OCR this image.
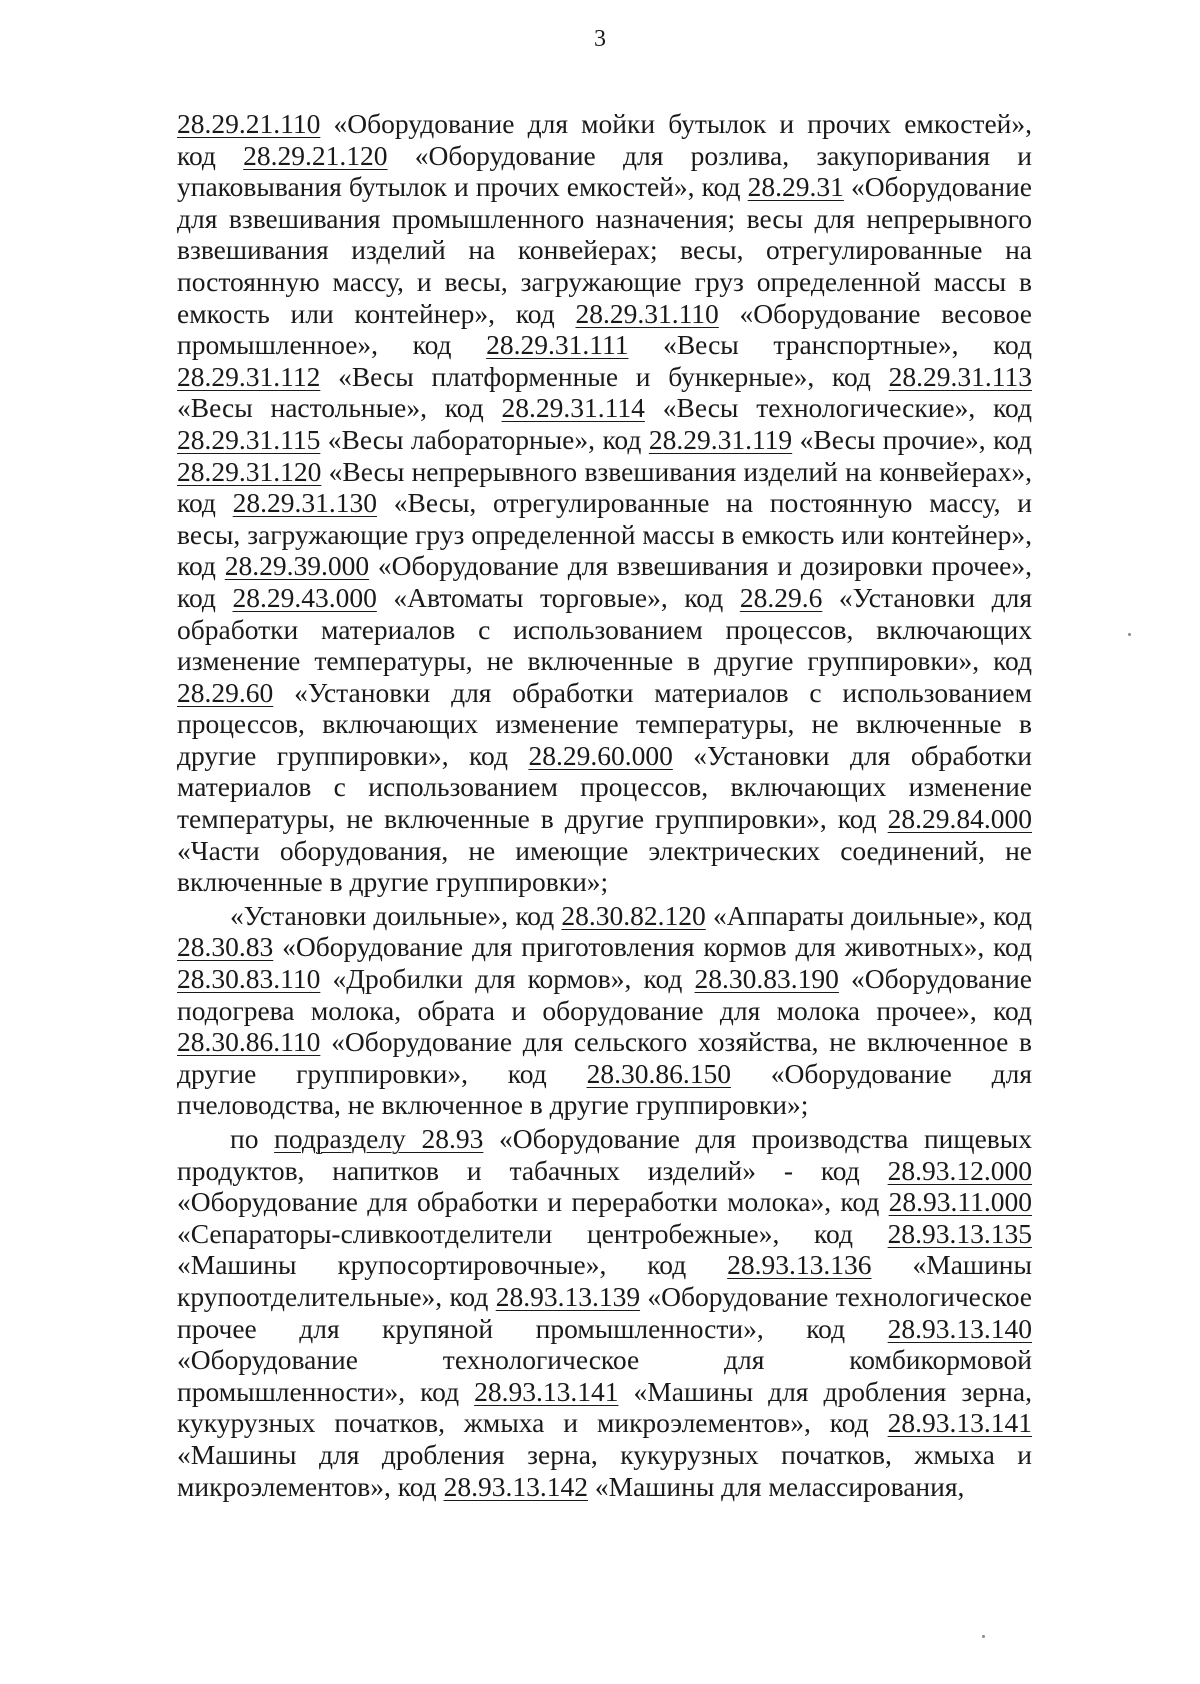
3

28.29.21.110 «Оборудование для мойки бутылок и прочих емкостей», код 28.29.21.120 «Оборудование для розлива, закупоривания и упаковывания бутылок и прочих емкостей», код 28.29.31 «Оборудование для взвешивания промышленного назначения; весы для непрерывного взвешивания изделий на конвейерах; весы, отрегулированные на постоянную массу, и весы, загружающие груз определенной массы в емкость или контейнер», код 28.29.31.110 «Оборудование весовое промышленное», код 28.29.31.111 «Весы транспортные», код 28.29.31.112 «Весы платформенные и бункерные», код 28.29.31.113 «Весы настольные», код 28.29.31.114 «Весы технологические», код 28.29.31.115 «Весы лабораторные», код 28.29.31.119 «Весы прочие», код 28.29.31.120 «Весы непрерывного взвешивания изделий на конвейерах», код 28.29.31.130 «Весы, отрегулированные на постоянную массу, и весы, загружающие груз определенной массы в емкость или контейнер», код 28.29.39.000 «Оборудование для взвешивания и дозировки прочее», код 28.29.43.000 «Автоматы торговые», код 28.29.6 «Установки для обработки материалов с использованием процессов, включающих изменение температуры, не включенные в другие группировки», код 28.29.60 «Установки для обработки материалов с использованием процессов, включающих изменение температуры, не включенные в другие группировки», код 28.29.60.000 «Установки для обработки материалов с использованием процессов, включающих изменение температуры, не включенные в другие группировки», код 28.29.84.000 «Части оборудования, не имеющие электрических соединений, не включенные в другие группировки»;

«Установки доильные», код 28.30.82.120 «Аппараты доильные», код 28.30.83 «Оборудование для приготовления кормов для животных», код 28.30.83.110 «Дробилки для кормов», код 28.30.83.190 «Оборудование подогрева молока, обрата и оборудование для молока прочее», код 28.30.86.110 «Оборудование для сельского хозяйства, не включенное в другие группировки», код 28.30.86.150 «Оборудование для пчеловодства, не включенное в другие группировки»;

по подразделу 28.93 «Оборудование для производства пищевых продуктов, напитков и табачных изделий» - код 28.93.12.000 «Оборудование для обработки и переработки молока», код 28.93.11.000 «Сепараторы-сливкоотделители центробежные», код 28.93.13.135 «Машины крупосортировочные», код 28.93.13.136 «Машины крупоотделительные», код 28.93.13.139 «Оборудование технологическое прочее для крупяной промышленности», код 28.93.13.140 «Оборудование технологическое для комбикормовой промышленности», код 28.93.13.141 «Машины для дробления зерна, кукурузных початков, жмыха и микроэлементов», код 28.93.13.141 «Машины для дробления зерна, кукурузных початков, жмыха и микроэлементов», код 28.93.13.142 «Машины для мелассирования,
